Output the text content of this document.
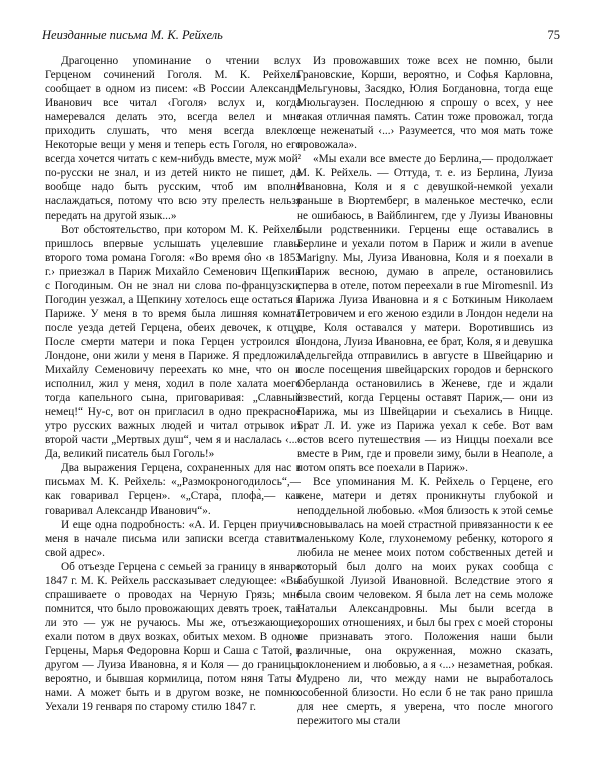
Неизданные письма М. К. Рейхель	75

Драгоценно упоминание о чтении вслух Герценом сочинений Гоголя. М. К. Рейхель сообщает в одном из писем: «В России Александр Иванович все читал ‹Гоголя› вслух и, когда намеревался делать это, всегда велел и мне приходить слушать, что меня всегда влекло. Некоторые вещи у меня и теперь есть Гоголя, но его всегда хочется читать с кем-нибудь вместе, муж мой² по-русски не знал, и из детей никто не пишет, да вообще надо быть русским, чтоб им вполне наслаждаться, потому что всю эту прелесть нельзя передать на другой язык...»

Вот обстоятельство, при котором М. К. Рейхель пришлось впервые услышать уцелевшие главы второго тома романа Гоголя: «Во время о̂но ‹в 1853 г.› приезжал в Париж Михайло Семенович Щепкин с Погодиным. Он не знал ни слова по-французски, Погодин уезжал, а Щепкину хотелось еще остаться в Париже. У меня в то время была лишняя комната после уезда детей Герцена, обеих девочек, к отцу. После смерти матери и пока Герцен устроился в Лондоне, они жили у меня в Париже. Я предложила Михайлу Семеновичу переехать ко мне, что он и исполнил, жил у меня, ходил в поле халата моего тогда капельного сына, приговаривая: „Славный немец!“ Ну-с, вот он пригласил в одно прекрасное утро русских важных людей и читал отрывок из второй части „Мертвых душ“, чем я и наслалась ‹...› Да, великий писатель был Гоголь!»

Два выражения Герцена, сохраненных для нас в письмах М. К. Рейхель: «„Размокроногодилось“,— как говаривал Герцен». «„Стара̀, плофа̀,— как говаривал Александр Иванович“».

И еще одна подробность: «А. И. Герцен приучил меня в начале письма или записки всегда ставить свой адрес».

Об отъезде Герцена с семьей за границу в январе 1847 г. М. К. Рейхель рассказывает следующее: «Вы спрашиваете о проводах на Черную Грязь; мне помнится, что было провожающих девять троек, так ли это — уж не ручаюсь. Мы же, отъезжающие, ехали потом в двух возках, обитых мехом. В одном Герцены, Марья Федоровна Корш и Саша с Татой, в другом — Луиза Ивановна, я и Коля — до границы, вероятно, и бывшая кормилица, потом няня Таты с нами. А может быть и в другом возке, не помню. Уехали 19 генваря по старому стилю 1847 г.

Из провожавших тоже всех не помню, были Грановские, Корши, вероятно, и Софья Карловна, Мельгуновы, Засядко, Юлия Богдановна, тогда еще Мюльгаузен. Последнюю я спрошу о всех, у нее такая отличная память. Сатин тоже провожал, тогда еще неженатый ‹...› Разумеется, что моя мать тоже провожала».

«Мы ехали все вместе до Берлина,— продолжает М. К. Рейхель. — Оттуда, т. е. из Берлина, Луиза Ивановна, Коля и я с девушкой-немкой уехали раньше в Вюртемберг, в маленькое местечко, если не ошибаюсь, в Вайблингем, где у Луизы Ивановны были родственники. Герцены еще оставались в Берлине и уехали потом в Париж и жили в avenue Marigny. Мы, Луиза Ивановна, Коля и я поехали в Париж весною, думаю в апреле, остановились сперва в отеле, потом переехали в rue Miromesnil. Из Парижа Луиза Ивановна и я с Боткиным Николаем Петровичем и его женою ездили в Лондон недели на две, Коля оставался у матери. Воротившись из Лондона, Луиза Ивановна, ее брат, Коля, я и девушка Адельгейда отправились в августе в Швейцарию и после посещения швейцарских городов и бернского Оберланда остановились в Женеве, где и ждали известий, когда Герцены оставят Париж,— они из Парижа, мы из Швейцарии и съехались в Ницце. Брат Л. И. уже из Парижа уехал к себе. Вот вам остов всего путешествия — из Ниццы поехали все вместе в Рим, где и провели зиму, были в Неаполе, а потом опять все поехали в Париж».

Все упоминания М. К. Рейхель о Герцене, его жене, матери и детях проникнуты глубокой и неподдельной любовью. «Моя близость к этой семье основывалась на моей страстной привязанности к ее маленькому Коле, глухонемому ребенку, которого я любила не менее моих потом собственных детей и который был долго на моих руках сообща с бабушкой Луизой Ивановной. Вследствие этого я была своим человеком. Я была лет на семь моложе Натальи Александровны. Мы были всегда в хороших отношениях, и был бы грех с моей стороны не признавать этого. Положения наши были различные, она окруженная, можно сказать, поклонением и любовью, а я ‹...› незаметная, робкая. Мудрено ли, что между нами не выработалось особенной близости. Но если б не так рано пришла для нее смерть, я уверена, что после многого пережитого мы стали
